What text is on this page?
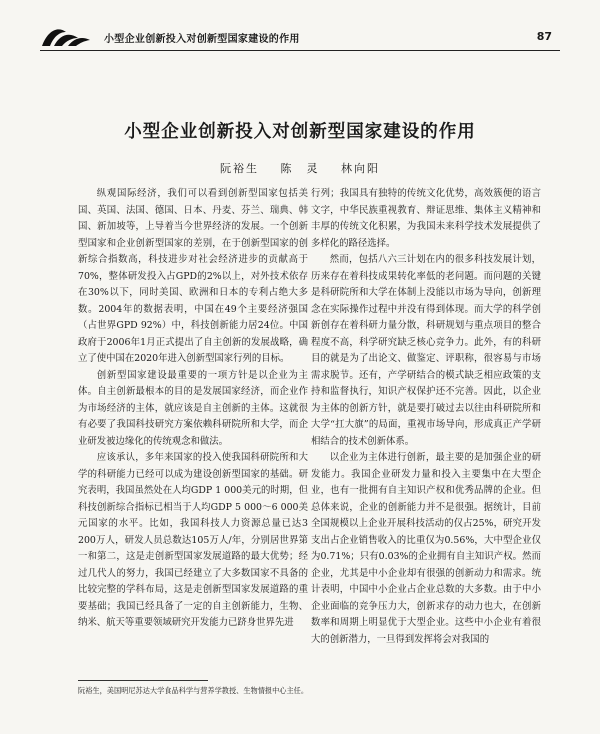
小型企业创新投入对创新型国家建设的作用	87
小型企业创新投入对创新型国家建设的作用
阮裕生 陈　灵 林向阳

纵观国际经济，我们可以看到创新型国家包括美国、英国、法国、德国、日本、丹麦、芬兰、瑞典、韩国、新加坡等，上导着当今世界经济的发展。一个创新型国家和企业创新型国家的差别，在于创新型国家的创新综合指数高，科技进步对社会经济进步的贡献高于70%，整体研发投入占GPD的2%以上，对外技术依存在30%以下，同时美国、欧洲和日本的专利占绝大多数。2004年的数据表明，中国在49个主要经济强国（占世界GPD 92%）中，科技创新能力居24位。中国政府于2006年1月正式提出了自主创新的发展战略，确立了使中国在2020年进入创新型国家行列的目标。

创新型国家建设最重要的一项方针是以企业为主体。自主创新最根本的目的是发展国家经济，而企业作为市场经济的主体，就应该是自主创新的主体。这就很有必要了我国科技研究方案依赖科研院所和大学，而企业研发被边缘化的传统观念和做法。

应该承认，多年来国家的投入使我国科研院所和大学的科研能力已经可以成为建设创新型国家的基础。研究表明，我国虽然处在人均GDP 1 000美元的时期，但科技创新综合指标已相当于人均GDP 5 000～6 000美元国家的水平。比如，我国科技人力资源总量已达3 200万人，研发人员总数达105万人/年，分别居世界第一和第二，这是走创新型国家发展道路的最大优势；经过几代人的努力，我国已经建立了大多数国家不具备的比较完整的学科布局，这是走创新型国家发展道路的重要基础；我国已经具备了一定的自主创新能力，生物、纳米、航天等重要领域研究开发能力已跻身世界先进

行列；我国具有独特的传统文化优势，高效簇便的语言文字，中华民族重视教育、辩证思维、集体主义精神和丰厚的传统文化积累，为我国未来科学技术发展提供了多样化的路径选择。

然而，包括八六三计划在内的很多科技发展计划，历来存在着科技成果转化率低的老问题。而问题的关键是科研院所和大学在体制上没能以市场为导向，创新理念在实际操作过程中并没有得到体现。而大学的科学创新创存在着科研力量分散，科研规划与重点项目的整合程度不高，科学研究缺乏核心竞争力。此外，有的科研目的就是为了出论文、做鉴定、评职称，很容易与市场需求脱节。还有，产学研结合的模式缺乏相应政策的支持和监督执行，知识产权保护还不完善。因此，以企业为主体的创新方针，就是要打破过去以往由科研院所和大学“扛大旗”的局面，重视市场导向，形成真正产学研相结合的技术创新体系。

以企业为主体进行创新，最主要的是加强企业的研发能力。我国企业研发力量和投入主要集中在大型企业，也有一批拥有自主知识产权和优秀品牌的企业。但总体来说，企业的创新能力并不是很强。据统计，目前全国规模以上企业开展科技活动的仅占25%，研究开发支出占企业销售收入的比重仅为0.56%，大中型企业仅为0.71%；只有0.03%的企业拥有自主知识产权。然而企业，尤其是中小企业却有很强的创新动力和需求。统计表明，中国中小企业占企业总数的大多数。由于中小企业面临的竞争压力大，创新求存的动力也大，在创新数率和周期上明显优于大型企业。这些中小企业有着很大的创新潜力，一旦得到发挥将会对我国的

阮裕生，美国明尼苏达大学食品科学与营养学教授、生物情报中心主任。
